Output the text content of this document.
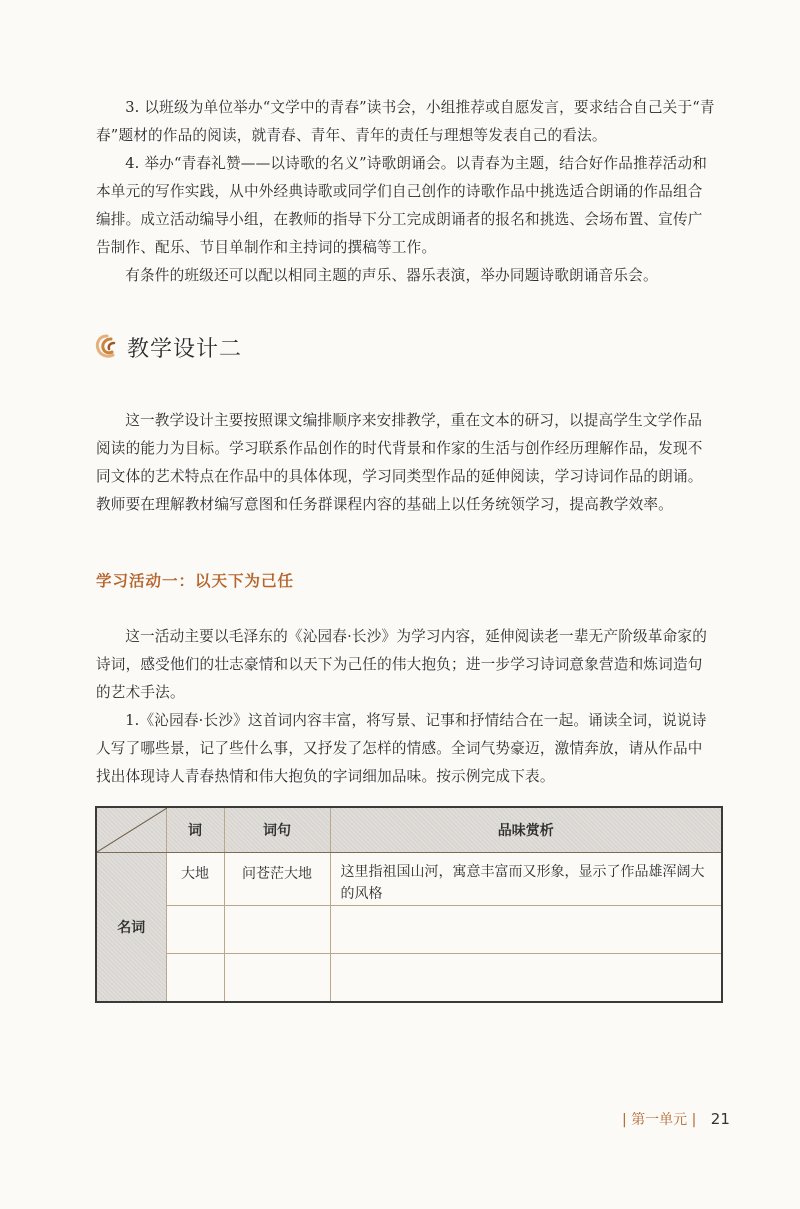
3. 以班级为单位举办“文学中的青春”读书会，小组推荐或自愿发言，要求结合自己关于“青春”题材的作品的阅读，就青春、青年、青年的责任与理想等发表自己的看法。

4. 举办“青春礼赞——以诗歌的名义”诗歌朗诵会。以青春为主题，结合好作品推荐活动和本单元的写作实践，从中外经典诗歌或同学们自己创作的诗歌作品中挑选适合朗诵的作品组合编排。成立活动编导小组，在教师的指导下分工完成朗诵者的报名和挑选、会场布置、宣传广告制作、配乐、节目单制作和主持词的撰稿等工作。

有条件的班级还可以配以相同主题的声乐、器乐表演，举办同题诗歌朗诵音乐会。

教学设计二

这一教学设计主要按照课文编排顺序来安排教学，重在文本的研习，以提高学生文学作品阅读的能力为目标。学习联系作品创作的时代背景和作家的生活与创作经历理解作品，发现不同文体的艺术特点在作品中的具体体现，学习同类型作品的延伸阅读，学习诗词作品的朗诵。教师要在理解教材编写意图和任务群课程内容的基础上以任务统领学习，提高教学效率。

学习活动一：以天下为己任

这一活动主要以毛泽东的《沁园春·长沙》为学习内容，延伸阅读老一辈无产阶级革命家的诗词，感受他们的壮志豪情和以天下为己任的伟大抱负；进一步学习诗词意象营造和炼词造句的艺术手法。

1.《沁园春·长沙》这首词内容丰富，将写景、记事和抒情结合在一起。诵读全词，说说诗人写了哪些景，记了些什么事，又抒发了怎样的情感。全词气势豪迈，激情奔放，请从作品中找出体现诗人青春热情和伟大抱负的字词细加品味。按示例完成下表。

	词	词句	品味赏析
名词	大地	问苍茫大地	这里指祖国山河，寓意丰富而又形象，显示了作品雄浑阔大的风格

| 第一单元 | 21
